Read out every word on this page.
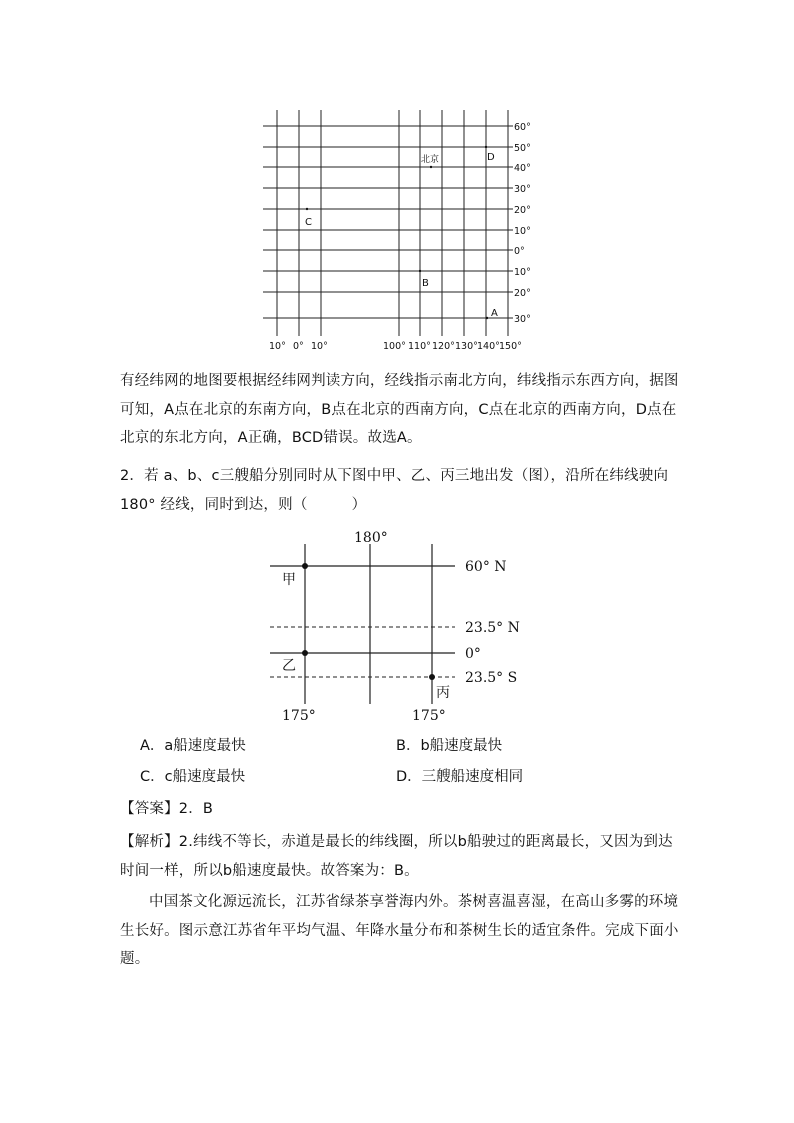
60°
50°
40°
30°
20°
10°
0°
10°
20°
30°
10° 0° 10°	100° 110° 120° 130° 140° 150°
北京	D
C
B
A
有经纬网的地图要根据经纬网判读方向，经线指示南北方向，纬线指示东西方向，据图可知，A点在北京的东南方向，B点在北京的西南方向，C点在北京的西南方向，D点在北京的东北方向，A正确，BCD错误。故选A。
2．若 a、b、c三艘船分别同时从下图中甲、乙、丙三地出发（图），沿所在纬线驶向180° 经线，同时到达，则（　　　）
180°
60° N
23.5° N
0°
23.5° S
175°	175°
甲
乙
丙
A．a船速度最快	B．b船速度最快
C．c船速度最快	D．三艘船速度相同
【答案】2．B
【解析】2.纬线不等长，赤道是最长的纬线圈，所以b船驶过的距离最长，又因为到达时间一样，所以b船速度最快。故答案为：B。
中国茶文化源远流长，江苏省绿茶享誉海内外。茶树喜温喜湿，在高山多雾的环境生长好。图示意江苏省年平均气温、年降水量分布和茶树生长的适宜条件。完成下面小题。
